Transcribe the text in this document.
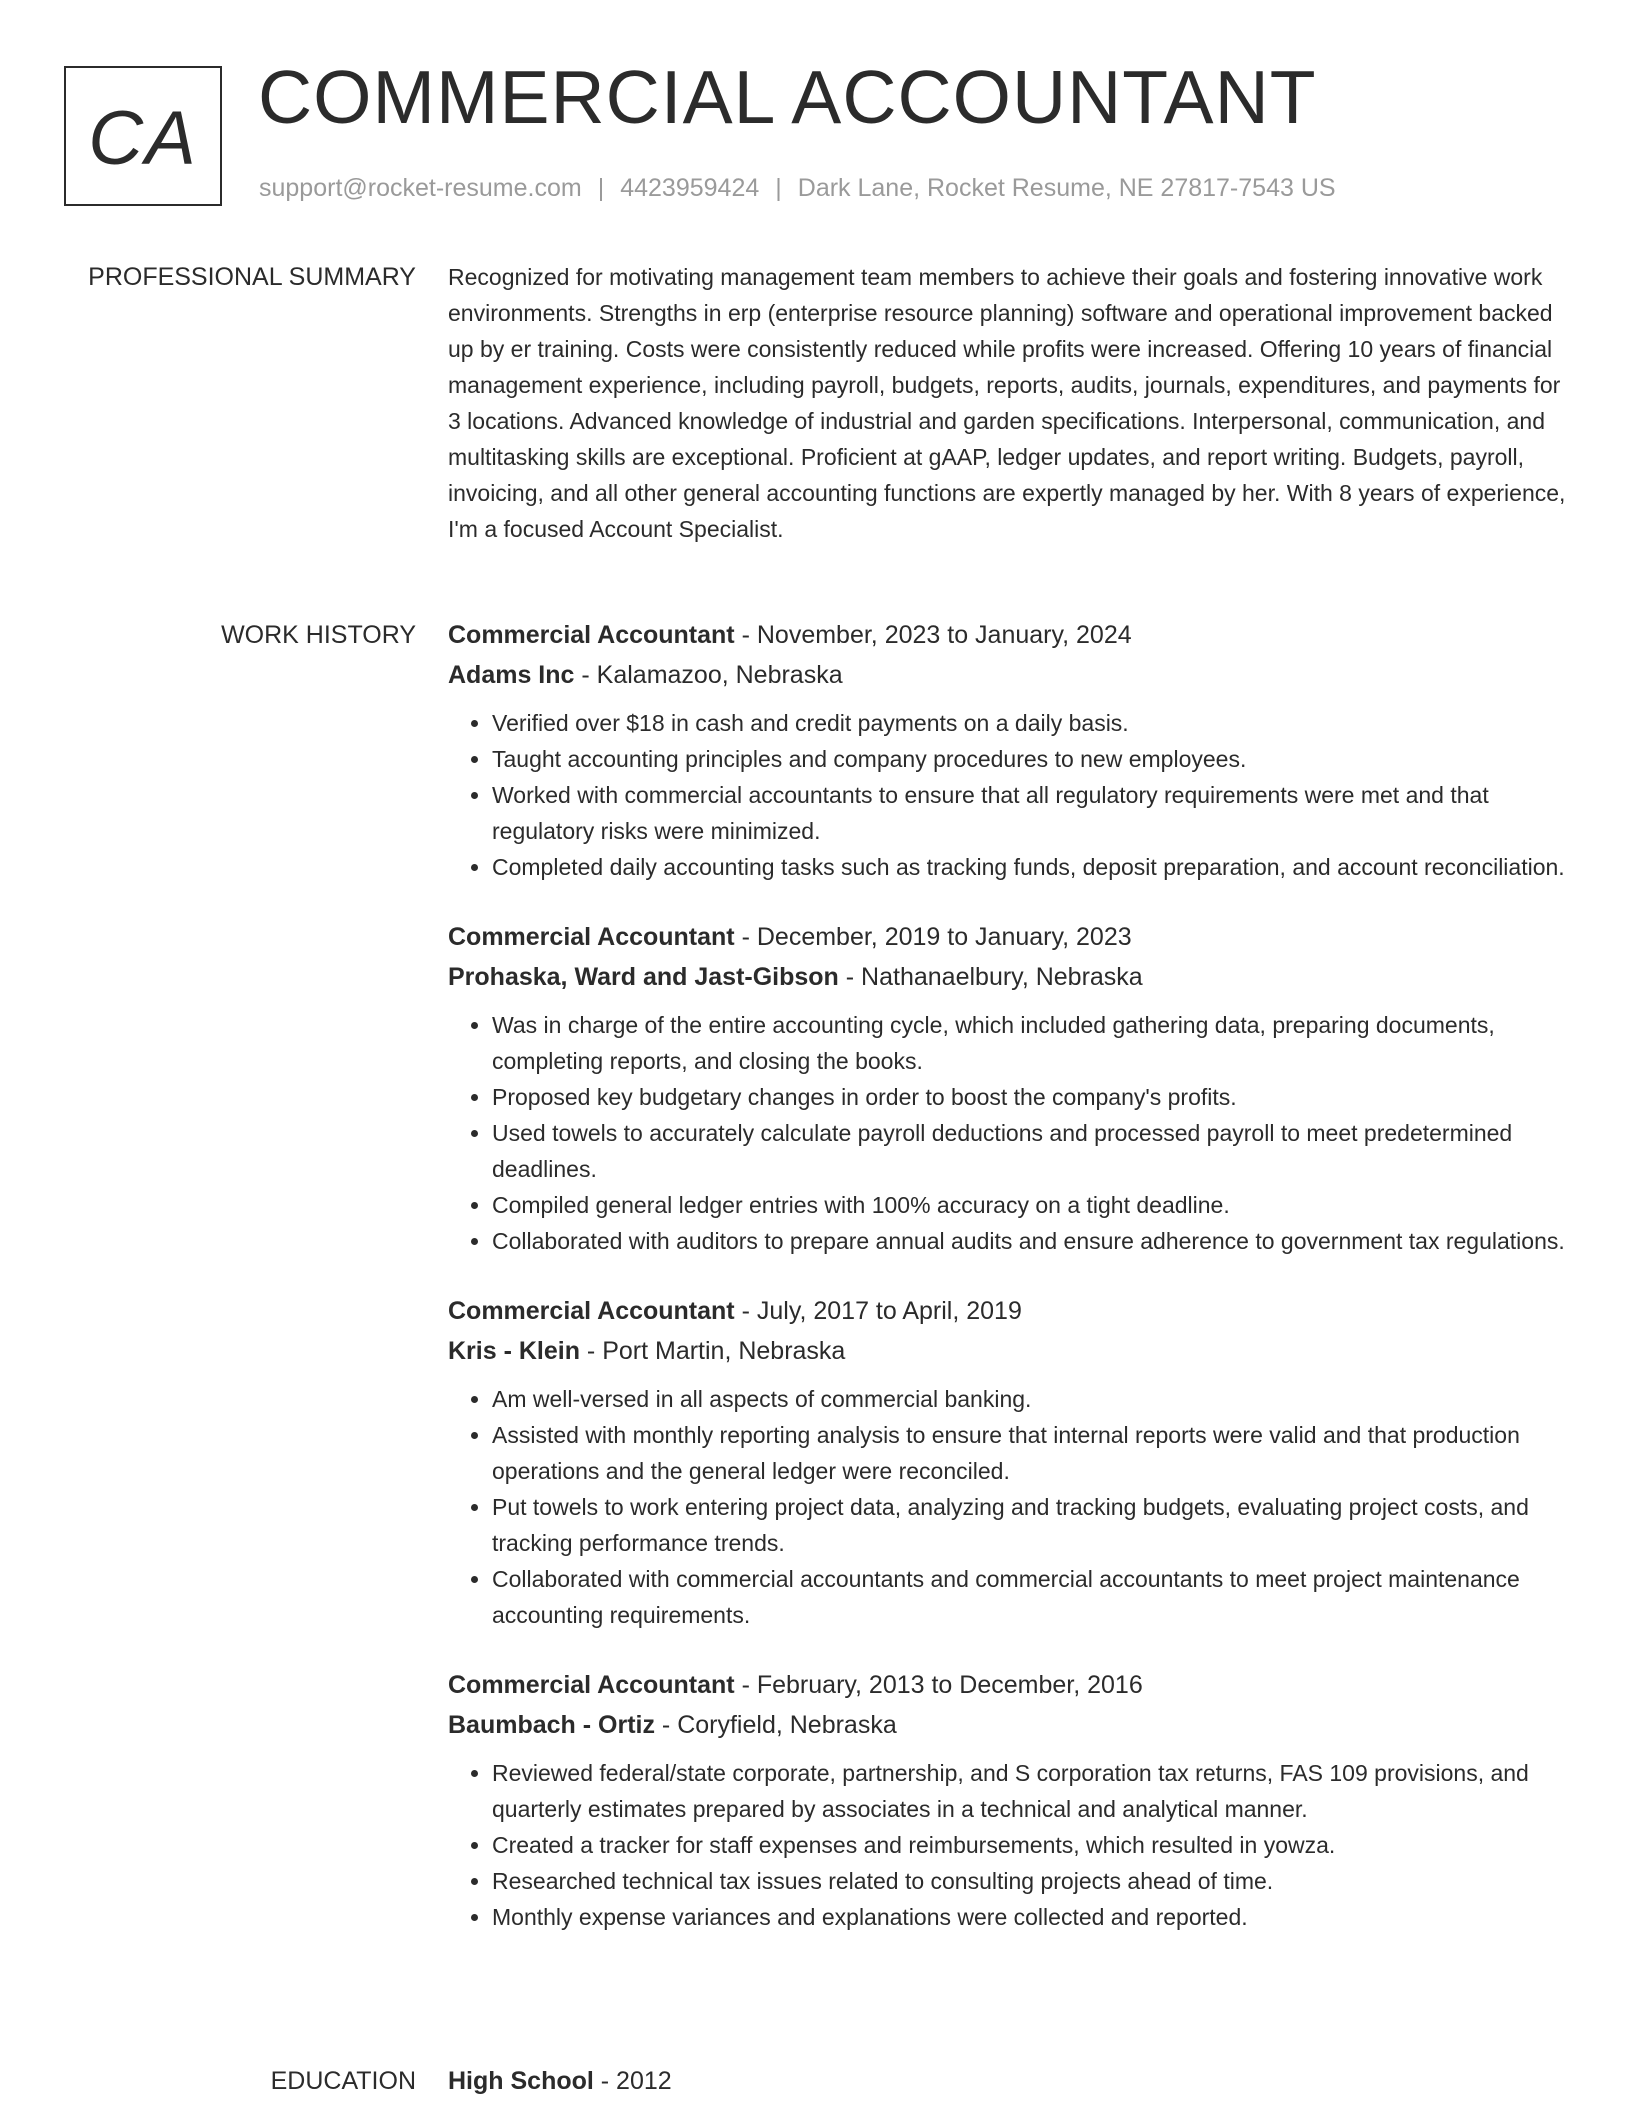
CA COMMERCIAL ACCOUNTANT
support@rocket-resume.com | 4423959424 | Dark Lane, Rocket Resume, NE 27817-7543 US
PROFESSIONAL SUMMARY Recognized for motivating management team members to achieve their goals and fostering innovative work environments. Strengths in erp (enterprise resource planning) software and operational improvement backed up by er training. Costs were consistently reduced while profits were increased. Offering 10 years of financial management experience, including payroll, budgets, reports, audits, journals, expenditures, and payments for 3 locations. Advanced knowledge of industrial and garden specifications. Interpersonal, communication, and multitasking skills are exceptional. Proficient at gAAP, ledger updates, and report writing. Budgets, payroll, invoicing, and all other general accounting functions are expertly managed by her. With 8 years of experience, I'm a focused Account Specialist.

WORK HISTORY Commercial Accountant - November, 2023 to January, 2024
Adams Inc - Kalamazoo, Nebraska
• Verified over $18 in cash and credit payments on a daily basis.
• Taught accounting principles and company procedures to new employees.
• Worked with commercial accountants to ensure that all regulatory requirements were met and that regulatory risks were minimized.
• Completed daily accounting tasks such as tracking funds, deposit preparation, and account reconciliation.
Commercial Accountant - December, 2019 to January, 2023
Prohaska, Ward and Jast-Gibson - Nathanaelbury, Nebraska
• Was in charge of the entire accounting cycle, which included gathering data, preparing documents, completing reports, and closing the books.
• Proposed key budgetary changes in order to boost the company's profits.
• Used towels to accurately calculate payroll deductions and processed payroll to meet predetermined deadlines.
• Compiled general ledger entries with 100% accuracy on a tight deadline.
• Collaborated with auditors to prepare annual audits and ensure adherence to government tax regulations.
Commercial Accountant - July, 2017 to April, 2019
Kris - Klein - Port Martin, Nebraska
• Am well-versed in all aspects of commercial banking.
• Assisted with monthly reporting analysis to ensure that internal reports were valid and that production operations and the general ledger were reconciled.
• Put towels to work entering project data, analyzing and tracking budgets, evaluating project costs, and tracking performance trends.
• Collaborated with commercial accountants and commercial accountants to meet project maintenance accounting requirements.
Commercial Accountant - February, 2013 to December, 2016
Baumbach - Ortiz - Coryfield, Nebraska
• Reviewed federal/state corporate, partnership, and S corporation tax returns, FAS 109 provisions, and quarterly estimates prepared by associates in a technical and analytical manner.
• Created a tracker for staff expenses and reimbursements, which resulted in yowza.
• Researched technical tax issues related to consulting projects ahead of time.
• Monthly expense variances and explanations were collected and reported.
EDUCATION High School - 2012
